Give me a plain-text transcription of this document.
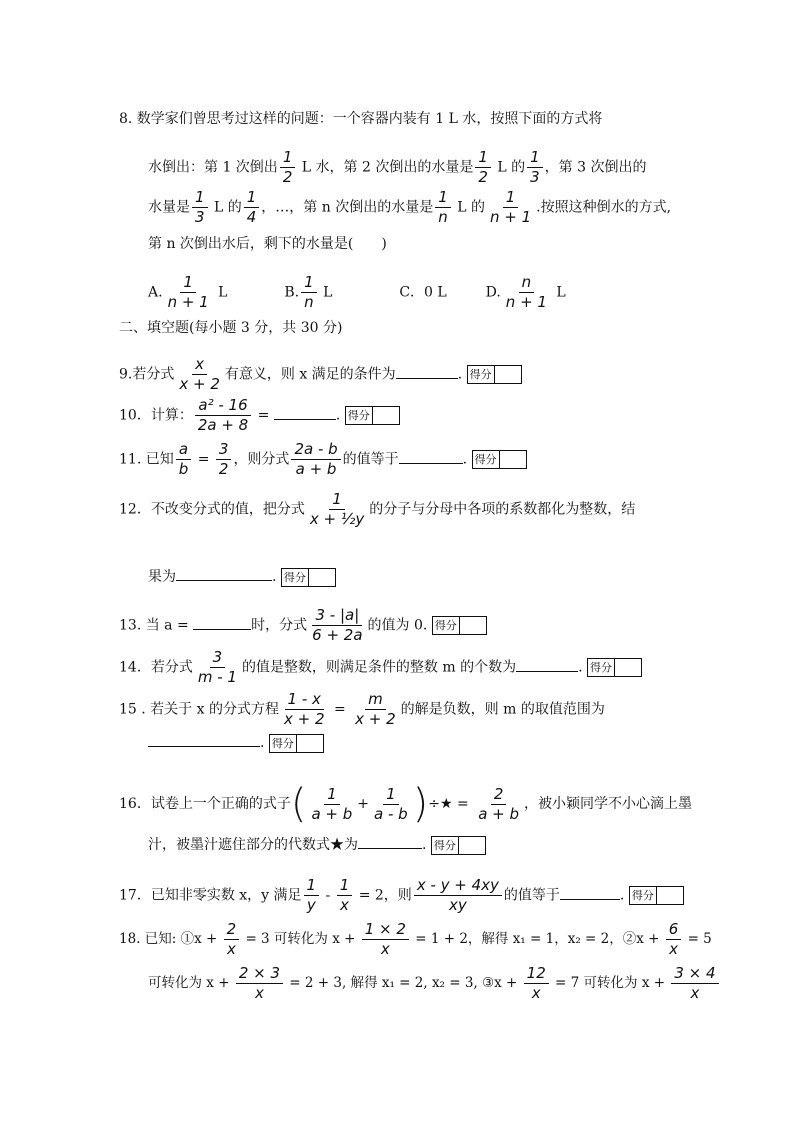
8. 数学家们曾思考过这样的问题：一个容器内装有 1 L 水，按照下面的方式将
水倒出：第 1 次倒出 $\frac{1}{2}$ L 水，第 2 次倒出的水量是 $\frac{1}{2}$ L 的 $\frac{1}{3}$ ，第 3 次倒出的
水量是 $\frac{1}{3}$ L 的 $\frac{1}{4}$ ，…，第 n 次倒出的水量是 $\frac{1}{n}$ L 的 $\frac{1}{n + 1}$ .按照这种倒水的方式,
第 n 次倒出水后，剩下的水量是(　　)
A. $\frac{1}{n + 1}$ L	B. $\frac{1}{n}$ L	C．0 L	D. $\frac{n}{n + 1}$ L
二、填空题(每小题 3 分，共 30 分)
9.若分式 $\frac{x}{x + 2}$ 有意义，则 x 满足的条件为	. 得分
10．计算： $\frac{\text{a² - 16}}{2a + 8}$ =	. 得分
11. 已知 $\frac{a}{b} = \frac{3}{2}$ ，则分式 $\frac{2a - b}{a + b}$ 的值等于	. 得分
12．不改变分式的值，把分式 $\frac{1}{\text{x + ½y}}$ 的分子与分母中各项的系数都化为整数，结
果为	. 得分
13. 当 a =	时，分式 $\frac{3 - |a|}{6 + 2a}$ 的值为 0. 得分
14．若分式 $\frac{3}{m - 1}$ 的值是整数，则满足条件的整数 m 的个数为	. 得分
15 . 若关于 x 的分式方程 $\frac{1 - x}{x + 2} = \frac{m}{x + 2}$ 的解是负数，则 m 的取值范围为
. 得分
16．试卷上一个正确的式子( $\frac{1}{a + b} + \frac{1}{a - b}$ )÷★ = $\frac{2}{a + b}$ ，被小颖同学不小心滴上墨
汁，被墨汁遮住部分的代数式★为	. 得分
17．已知非零实数 x，y 满足 $\frac{1}{y} - \frac{1}{x} = 2$，则 $\frac{x - y + 4xy}{xy}$ 的值等于	. 得分
18. 已知: ①x + $\frac{2}{x} = 3$ 可转化为 $x + \frac{1 \times 2}{x} = 1 + 2$，解得 x₁ = 1，x₂ = 2，②x + $\frac{6}{x} = 5$
可转化为 $x + \frac{2 \times 3}{x} = 2 + 3$, 解得 x₁ = 2, x₂ = 3, ③x + $\frac{12}{x} = 7$ 可转化为 $x + \frac{3 \times 4}{x}$
